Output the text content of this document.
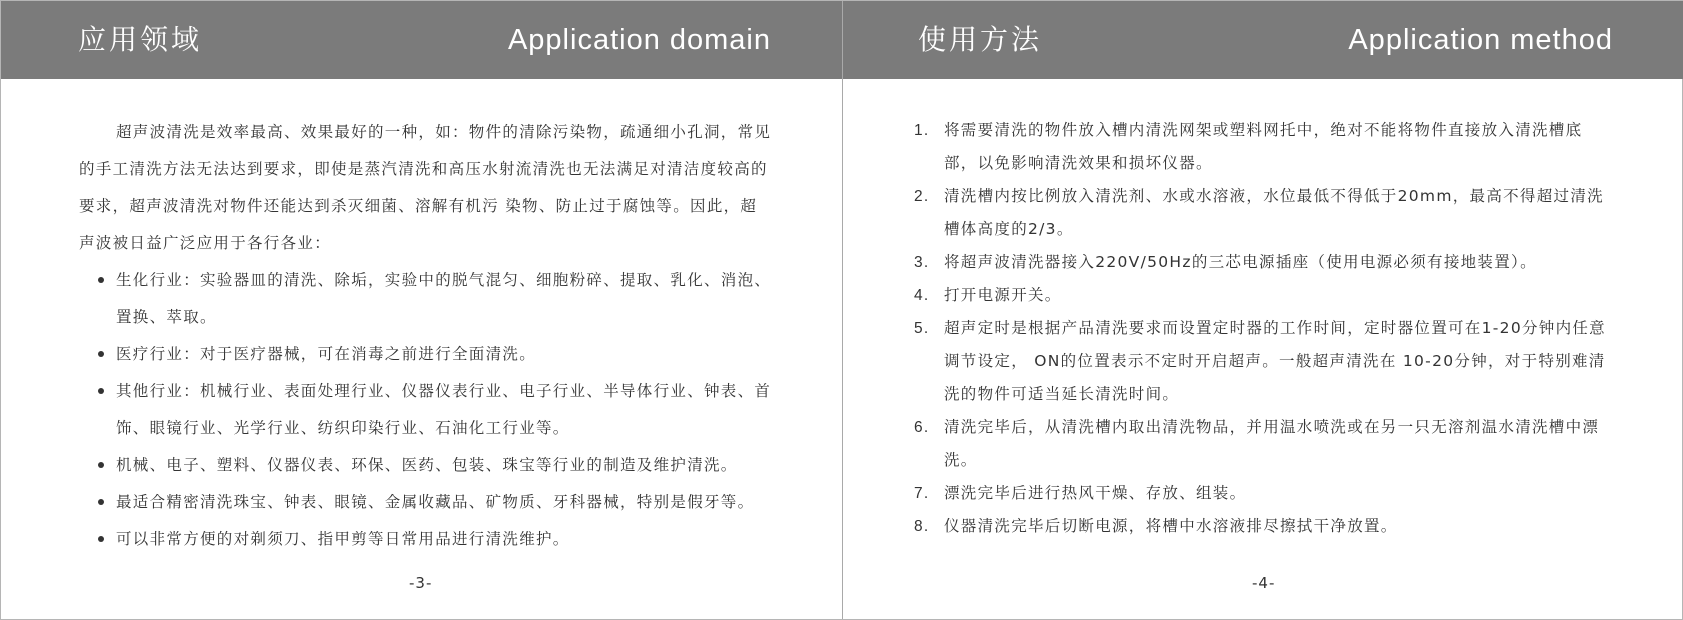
应用领域	Application domain

超声波清洗是效率最高、效果最好的一种，如：物件的清除污染物，疏通细小孔洞，常见的手工清洗方法无法达到要求，即使是蒸汽清洗和高压水射流清洗也无法满足对清洁度较高的要求，超声波清洗对物件还能达到杀灭细菌、溶解有机污 染物、防止过于腐蚀等。因此，超声波被日益广泛应用于各行各业：

生化行业：实验器皿的清洗、除垢，实验中的脱气混匀、细胞粉碎、提取、乳化、消泡、置换、萃取。
医疗行业：对于医疗器械，可在消毒之前进行全面清洗。
其他行业：机械行业、表面处理行业、仪器仪表行业、电子行业、半导体行业、钟表、首饰、眼镜行业、光学行业、纺织印染行业、石油化工行业等。
机械、电子、塑料、仪器仪表、环保、医药、包装、珠宝等行业的制造及维护清洗。
最适合精密清洗珠宝、钟表、眼镜、金属收藏品、矿物质、牙科器械，特别是假牙等。
可以非常方便的对剃须刀、指甲剪等日常用品进行清洗维护。
-3-
使用方法	Application method
1. 将需要清洗的物件放入槽内清洗网架或塑料网托中，绝对不能将物件直接放入清洗槽底部，以免影响清洗效果和损坏仪器。
2. 清洗槽内按比例放入清洗剂、水或水溶液，水位最低不得低于20mm，最高不得超过清洗槽体高度的2/3。
3. 将超声波清洗器接入220V/50Hz的三芯电源插座（使用电源必须有接地装置）。
4. 打开电源开关。
5. 超声定时是根据产品清洗要求而设置定时器的工作时间，定时器位置可在1-20分钟内任意调节设定， ON的位置表示不定时开启超声。一般超声清洗在 10-20分钟，对于特别难清洗的物件可适当延长清洗时间。
6. 清洗完毕后，从清洗槽内取出清洗物品，并用温水喷洗或在另一只无溶剂温水清洗槽中漂洗。
7. 漂洗完毕后进行热风干燥、存放、组装。
8. 仪器清洗完毕后切断电源，将槽中水溶液排尽擦拭干净放置。
-4-
